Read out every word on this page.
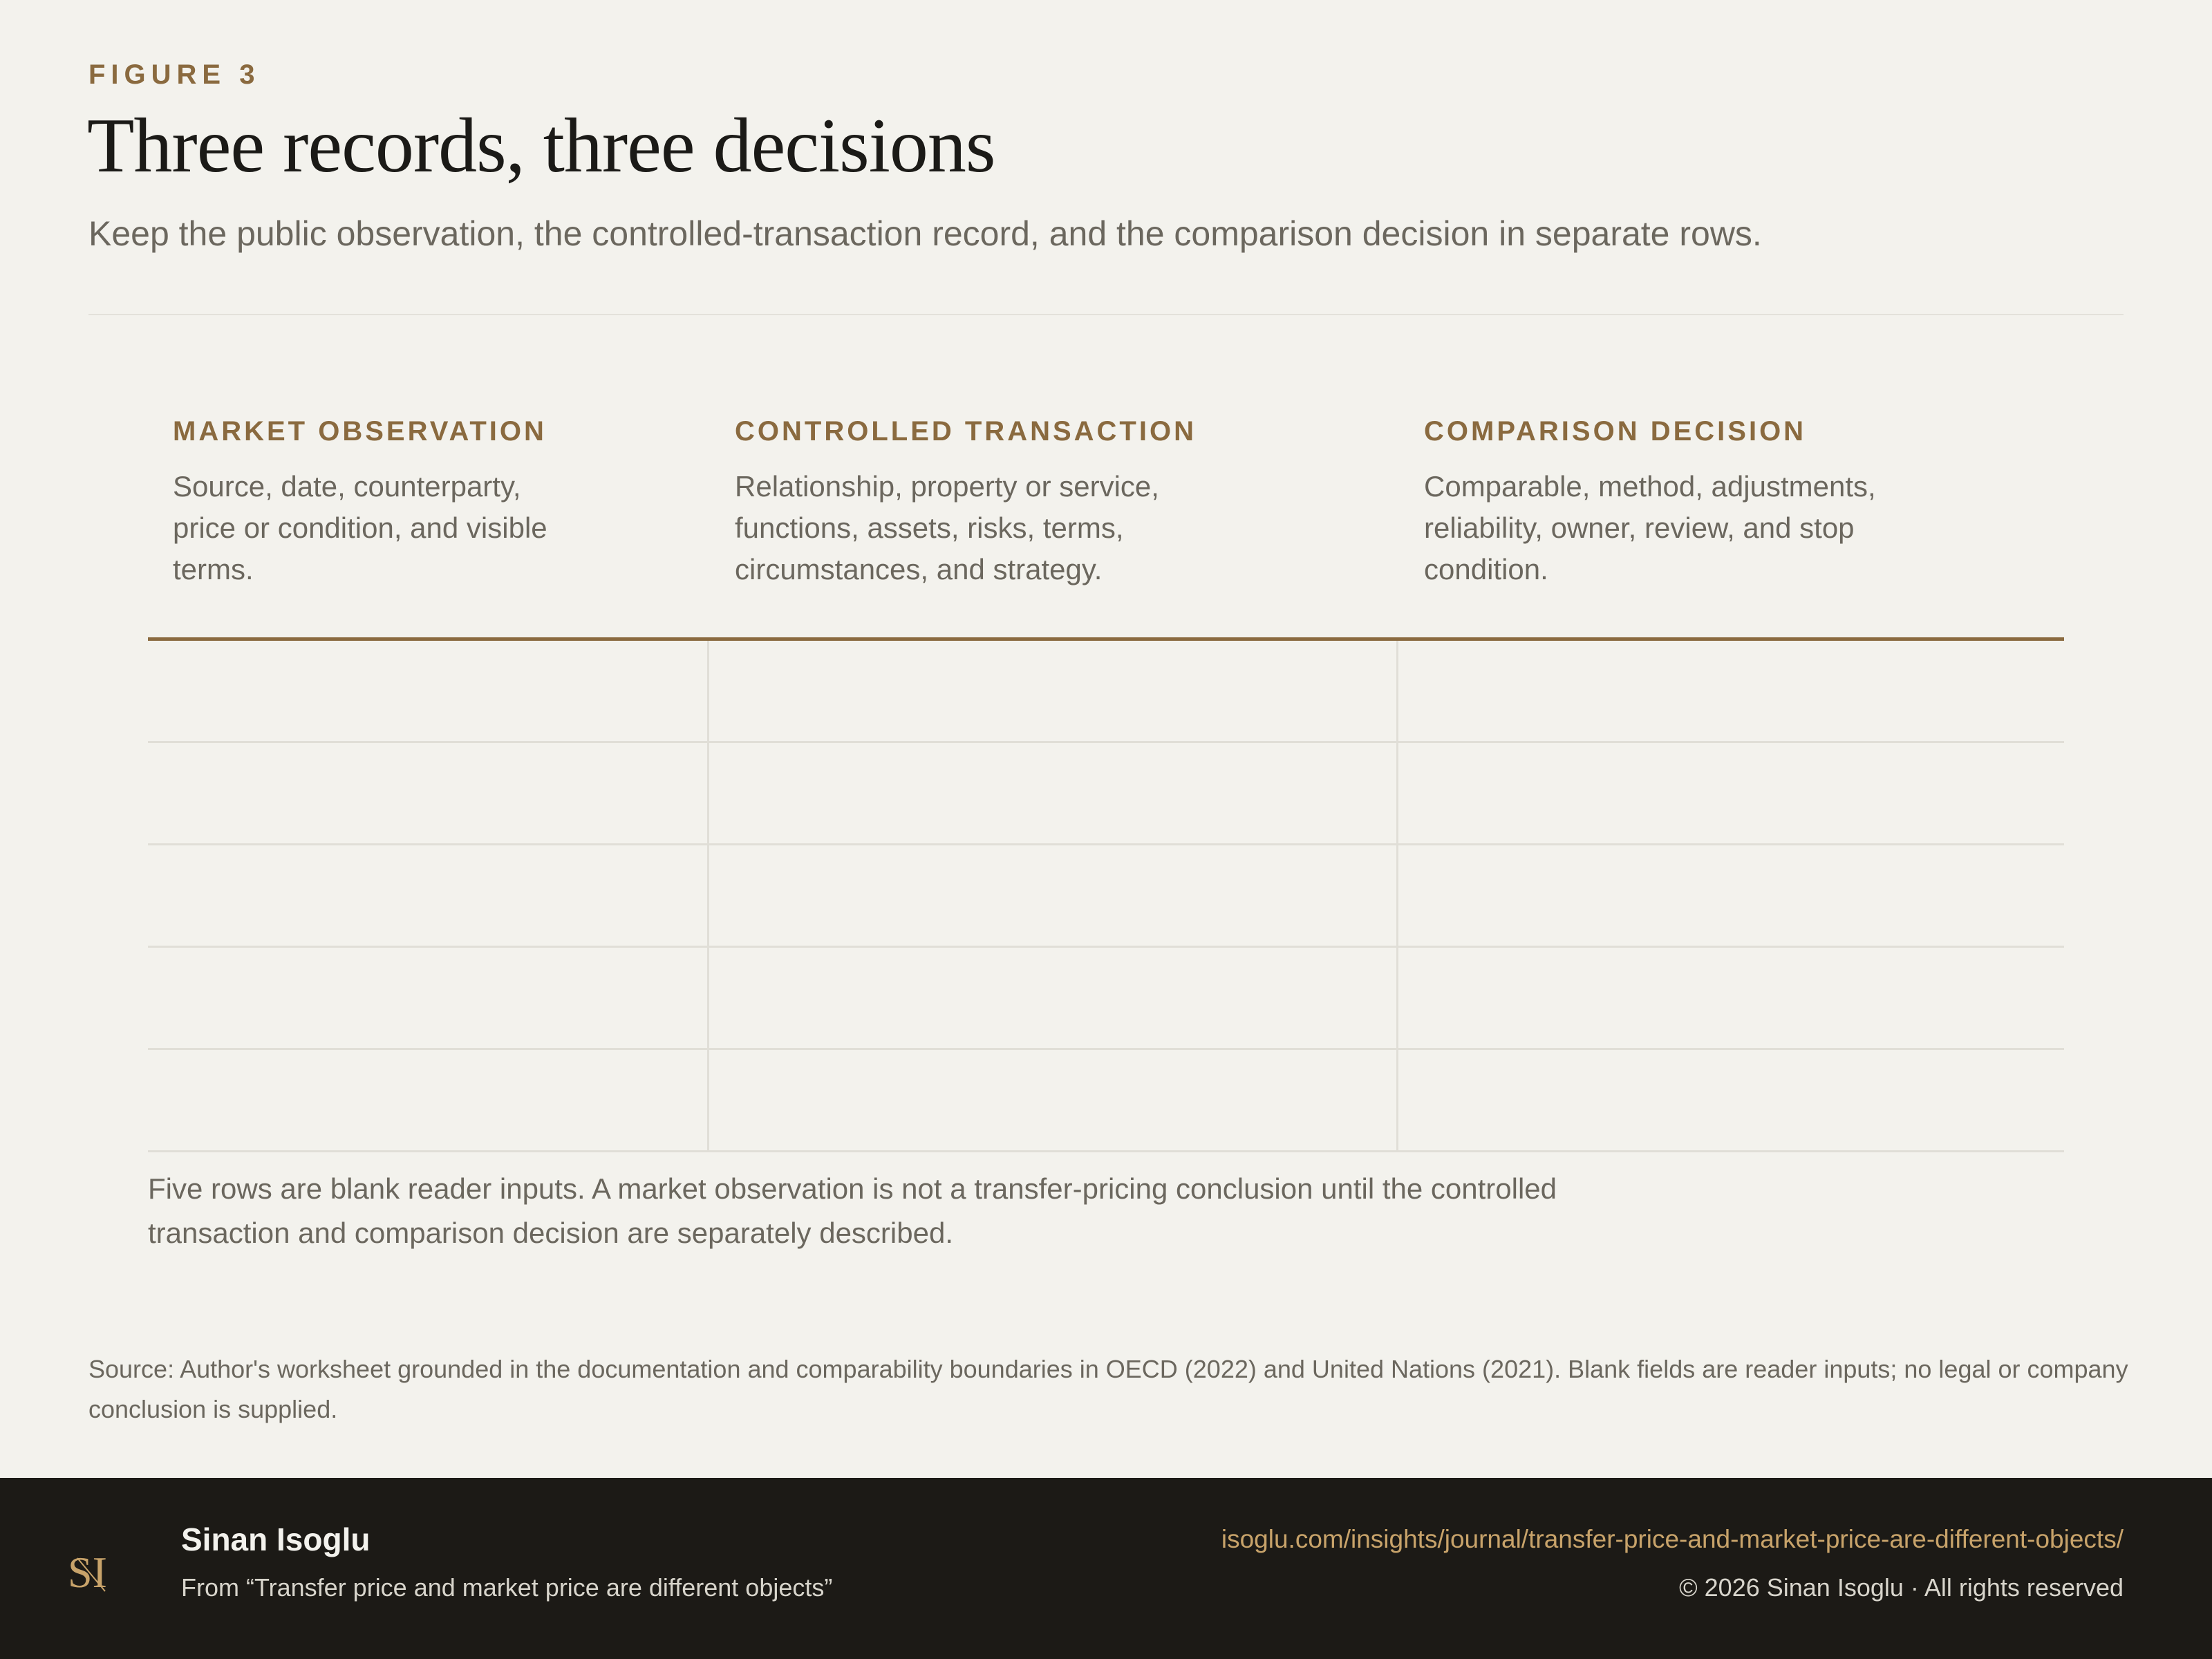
FIGURE 3
Three records, three decisions
Keep the public observation, the controlled-transaction record, and the comparison decision in separate rows.
MARKET OBSERVATION
Source, date, counterparty, price or condition, and visible terms.
CONTROLLED TRANSACTION
Relationship, property or service, functions, assets, risks, terms, circumstances, and strategy.
COMPARISON DECISION
Comparable, method, adjustments, reliability, owner, review, and stop condition.
Five rows are blank reader inputs. A market observation is not a transfer-pricing conclusion until the controlled transaction and comparison decision are separately described.
Source: Author's worksheet grounded in the documentation and comparability boundaries in OECD (2022) and United Nations (2021). Blank fields are reader inputs; no legal or company conclusion is supplied.
SI
Sinan Isoglu
From “Transfer price and market price are different objects”
isoglu.com/insights/journal/transfer-price-and-market-price-are-different-objects/
© 2026 Sinan Isoglu · All rights reserved
